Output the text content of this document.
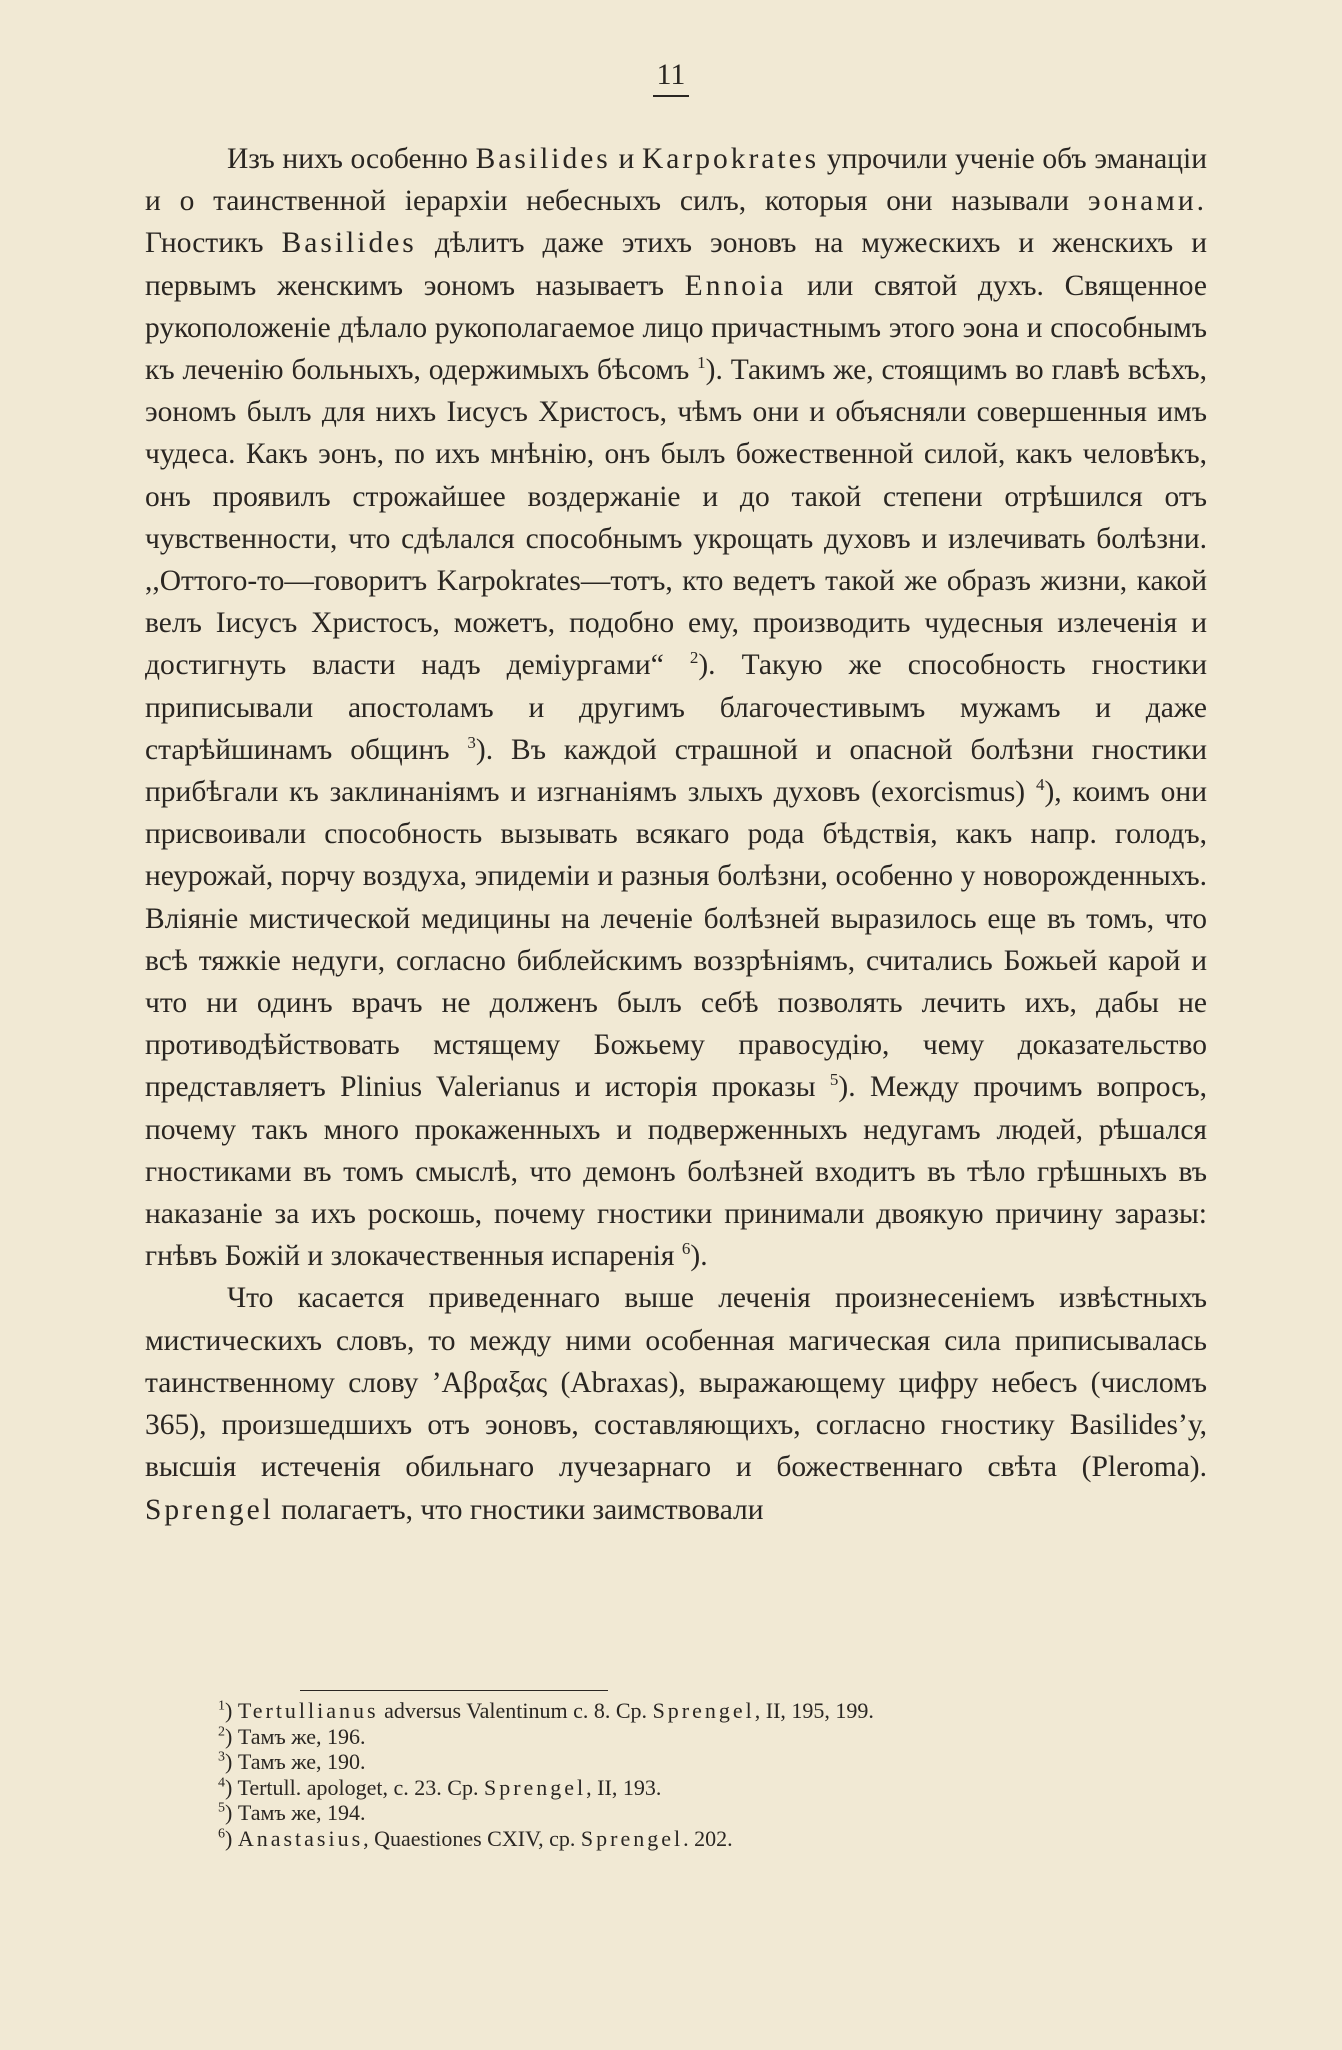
11

Изъ нихъ особенно Basilides и Karpokrates упрочили ученіе объ эманаціи и о таинственной іерархіи небесныхъ силъ, которыя они называли эонами. Гностикъ Basilides дѣлитъ даже этихъ эоновъ на мужескихъ и женскихъ и первымъ женскимъ эономъ называетъ Ennoia или святой духъ. Священное рукоположеніе дѣлало рукополагаемое лицо причастнымъ этого эона и способнымъ къ леченію больныхъ, одержимыхъ бѣсомъ $^1$). Такимъ же, стоящимъ во главѣ всѣхъ, эономъ былъ для нихъ Іисусъ Христосъ, чѣмъ они и объясняли совершенныя имъ чудеса. Какъ эонъ, по ихъ мнѣнію, онъ былъ божественной силой, какъ человѣкъ, онъ проявилъ строжайшее воздержаніе и до такой степени отрѣшился отъ чувственности, что сдѣлался способнымъ укрощать духовъ и излечивать болѣзни. ,,Оттого-то—говоритъ Karpokrates—тотъ, кто ведетъ такой же образъ жизни, какой велъ Іисусъ Христосъ, можетъ, подобно ему, производить чудесныя излеченія и достигнуть власти надъ деміургами“ $^2$). Такую же способность гностики приписывали апостоламъ и другимъ благочестивымъ мужамъ и даже старѣйшинамъ общинъ $^3$). Въ каждой страшной и опасной болѣзни гностики прибѣгали къ заклинаніямъ и изгнаніямъ злыхъ духовъ (exorcismus) $^4$), коимъ они присвоивали способность вызывать всякаго рода бѣдствія, какъ напр. голодъ, неурожай, порчу воздуха, эпидеміи и разныя болѣзни, особенно у новорожденныхъ. Вліяніе мистической медицины на леченіе болѣзней выразилось еще въ томъ, что всѣ тяжкіе недуги, согласно библейскимъ воззрѣніямъ, считались Божьей карой и что ни одинъ врачъ не долженъ былъ себѣ позволять лечить ихъ, дабы не противодѣйствовать мстящему Божьему правосудію, чему доказательство представляетъ Plinius Valerianus и исторія проказы $^5$). Между прочимъ вопросъ, почему такъ много прокаженныхъ и подверженныхъ недугамъ людей, рѣшался гностиками въ томъ смыслѣ, что демонъ болѣзней входитъ въ тѣло грѣшныхъ въ наказаніе за ихъ роскошь, почему гностики принимали двоякую причину заразы: гнѣвъ Божій и злокачественныя испаренія $^6$).

Что касается приведеннаго выше леченія произнесеніемъ извѣстныхъ мистическихъ словъ, то между ними особенная магическая сила приписывалась таинственному слову ’Αβραξας (Abraxas), выражающему цифру небесъ (числомъ 365), произшедшихъ отъ эоновъ, составляющихъ, согласно гностику Basilides’у, высшія истеченія обильнаго лучезарнаго и божественнаго свѣта (Pleroma). Sprengel полагаетъ, что гностики заимствовали

$^1$) Tertullianus adversus Valentinum c. 8. Cp. Sprengel, II, 195, 199.
$^2$) Тамъ же, 196.
$^3$) Тамъ же, 190.
$^4$) Tertull. apologet, c. 23. Cp. Sprengel, II, 193.
$^5$) Тамъ же, 194.
$^6$) Anastasius, Quaestiones CXIV, cp. Sprengel. 202.
